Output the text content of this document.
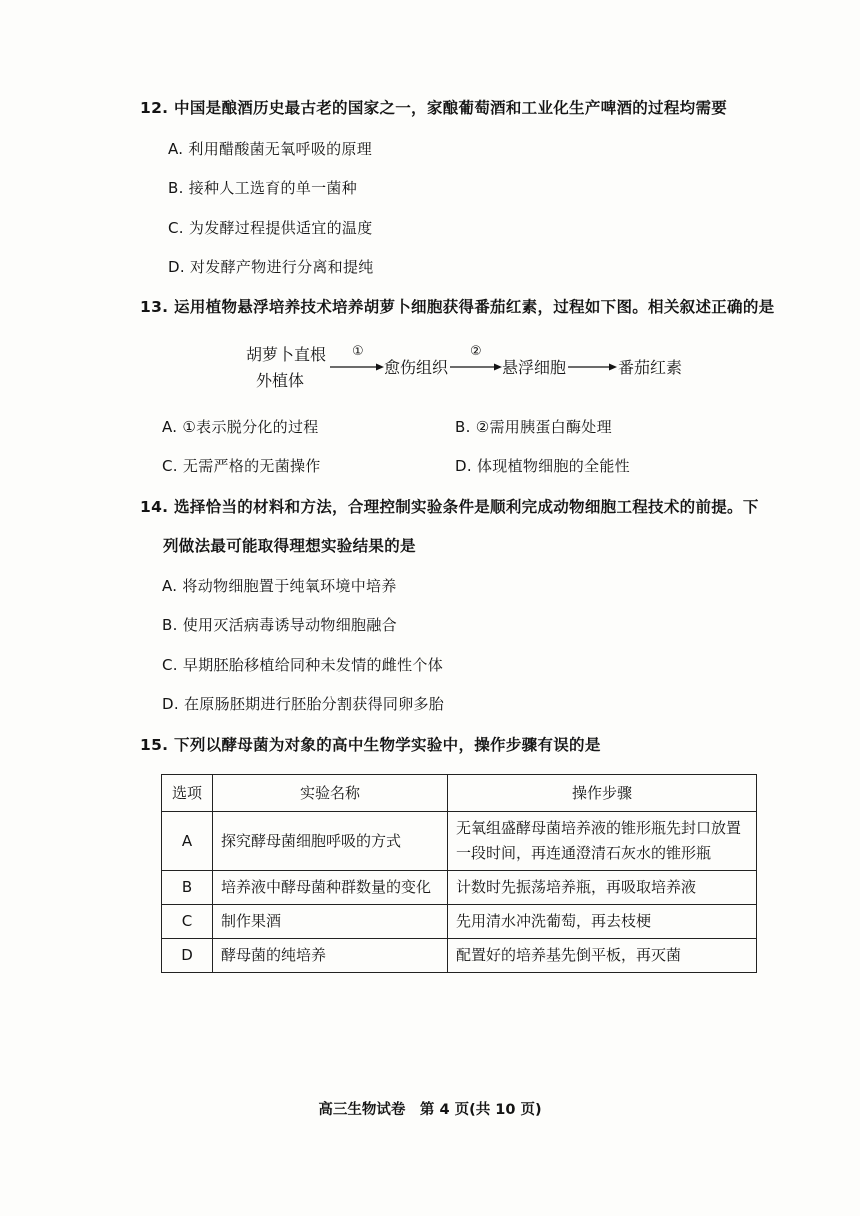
12. 中国是酿酒历史最古老的国家之一，家酿葡萄酒和工业化生产啤酒的过程均需要
A. 利用醋酸菌无氧呼吸的原理
B. 接种人工选育的单一菌种
C. 为发酵过程提供适宜的温度
D. 对发酵产物进行分离和提纯
13. 运用植物悬浮培养技术培养胡萝卜细胞获得番茄红素，过程如下图。相关叙述正确的是
胡萝卜直根
外植体
①
愈伤组织
②
悬浮细胞	番茄红素
A. ①表示脱分化的过程	B. ②需用胰蛋白酶处理
C. 无需严格的无菌操作	D. 体现植物细胞的全能性
14. 选择恰当的材料和方法，合理控制实验条件是顺利完成动物细胞工程技术的前提。下
列做法最可能取得理想实验结果的是
A. 将动物细胞置于纯氧环境中培养
B. 使用灭活病毒诱导动物细胞融合
C. 早期胚胎移植给同种未发情的雌性个体
D. 在原肠胚期进行胚胎分割获得同卵多胎
15. 下列以酵母菌为对象的高中生物学实验中，操作步骤有误的是
选项	实验名称	操作步骤
A	探究酵母菌细胞呼吸的方式	无氧组盛酵母菌培养液的锥形瓶先封口放置一段时间，再连通澄清石灰水的锥形瓶
B	培养液中酵母菌种群数量的变化	计数时先振荡培养瓶，再吸取培养液
C	制作果酒	先用清水冲洗葡萄，再去枝梗
D	酵母菌的纯培养	配置好的培养基先倒平板，再灭菌
高三生物试卷　第 4 页(共 10 页)
